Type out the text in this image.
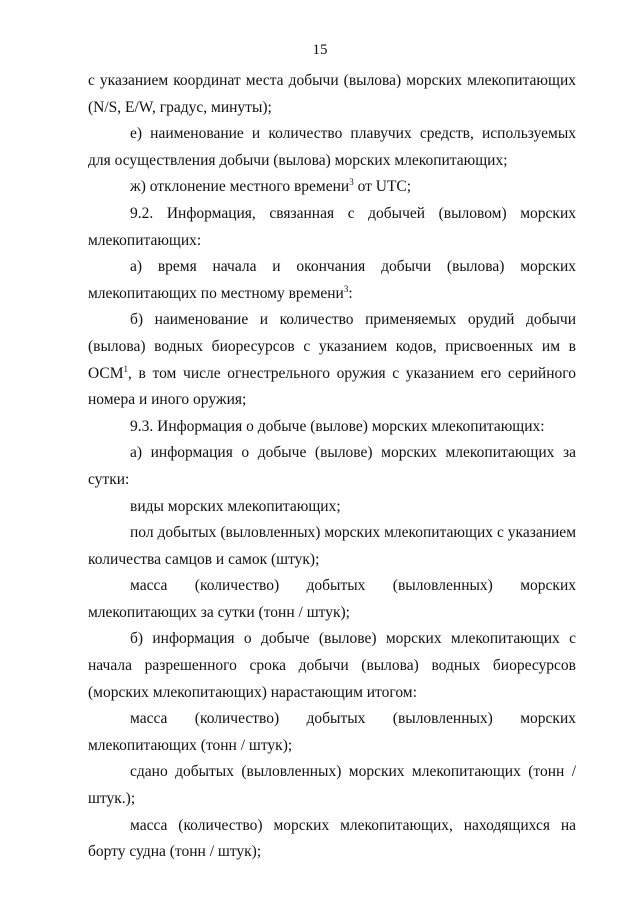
15

с указанием координат места добычи (вылова) морских млекопитающих (N/S, E/W, градус, минуты);

е) наименование и количество плавучих средств, используемых для осуществления добычи (вылова) морских млекопитающих;

ж) отклонение местного времени$^3$ от UTC;

9.2. Информация, связанная с добычей (выловом) морских млекопитающих:

а) время начала и окончания добычи (вылова) морских млекопитающих по местному времени$^3$:

б) наименование и количество применяемых орудий добычи (вылова) водных биоресурсов с указанием кодов, присвоенных им в ОСМ$^1$, в том числе огнестрельного оружия с указанием его серийного номера и иного оружия;

9.3. Информация о добыче (вылове) морских млекопитающих:

а) информация о добыче (вылове) морских млекопитающих за сутки:

виды морских млекопитающих;

пол добытых (выловленных) морских млекопитающих с указанием количества самцов и самок (штук);

масса (количество) добытых (выловленных) морских млекопитающих за сутки (тонн / штук);

б) информация о добыче (вылове) морских млекопитающих с начала разрешенного срока добычи (вылова) водных биоресурсов (морских млекопитающих) нарастающим итогом:

масса (количество) добытых (выловленных) морских млекопитающих (тонн / штук);

сдано добытых (выловленных) морских млекопитающих (тонн / штук.);

масса (количество) морских млекопитающих, находящихся на борту судна (тонн / штук);
